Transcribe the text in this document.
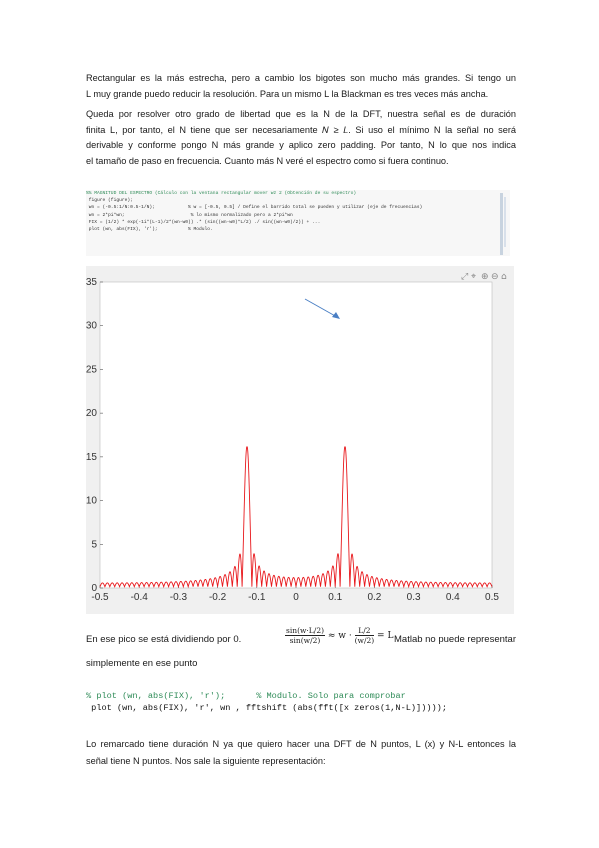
Rectangular es la más estrecha, pero a cambio los bigotes son mucho más grandes. Si tengo un
L muy grande puedo reducir la resolución. Para un mismo L la Blackman es tres veces más ancha.

Queda por resolver otro grado de libertad que es la N de la DFT, nuestra señal es de duración
finita L, por tanto, el N tiene que ser necesariamente 𝑁 ≥ 𝐿. Si uso el mínimo N la señal no será
derivable y conforme pongo N más grande y aplico zero padding. Por tanto, N lo que nos indica
el tamaño de paso en frecuencia. Cuanto más N veré el espectro como si fuera continuo.
%% MAGNITUD DEL ESPECTRO (Cálculo con la ventana rectangular mover wz 2 (Obtención de su espectro)
figure (figure);
wn = (-0.5:1/N:0.5-1/N);            % w = [-0.5, 0.5] / Define el barrido total se pueden y utilizar (eje de frecuencias)
wn = 2*pi*wn;                        % lo mismo normalizado pero a 2*pi*wn
FIX = (1/2) * exp(-1i*(L-1)/2*(wn-w0)) .* (sin((wn-w0)*L/2) ./ sin((wn-w0)/2)) + ...
plot (wn, abs(FIX), 'r');           % Modulo.
-0.5 -0.4 -0.3 -0.2 -0.1	0	0.1	0.2	0.3	0.4	0.5
0
5
10
15
20
25
30
35	⤢ ⌖ ⊕ ⊖ ⌂
En ese pico se está dividiendo por 0.	$\frac{\sin(w\cdot L/2)}{\sin(w/2)} \approx w \cdot \frac{L/2}{(w/2)} = L$ Matlab no puede representar

simplemente en ese punto

% plot (wn, abs(FIX), 'r');	% Modulo. Solo para comprobar
plot (wn, abs(FIX), 'r', wn , fftshift (abs(fft([x zeros(1,N-L)]))));
Lo remarcado tiene duración N ya que quiero hacer una DFT de N puntos, L (x) y N-L entonces la
señal tiene N puntos. Nos sale la siguiente representación:
